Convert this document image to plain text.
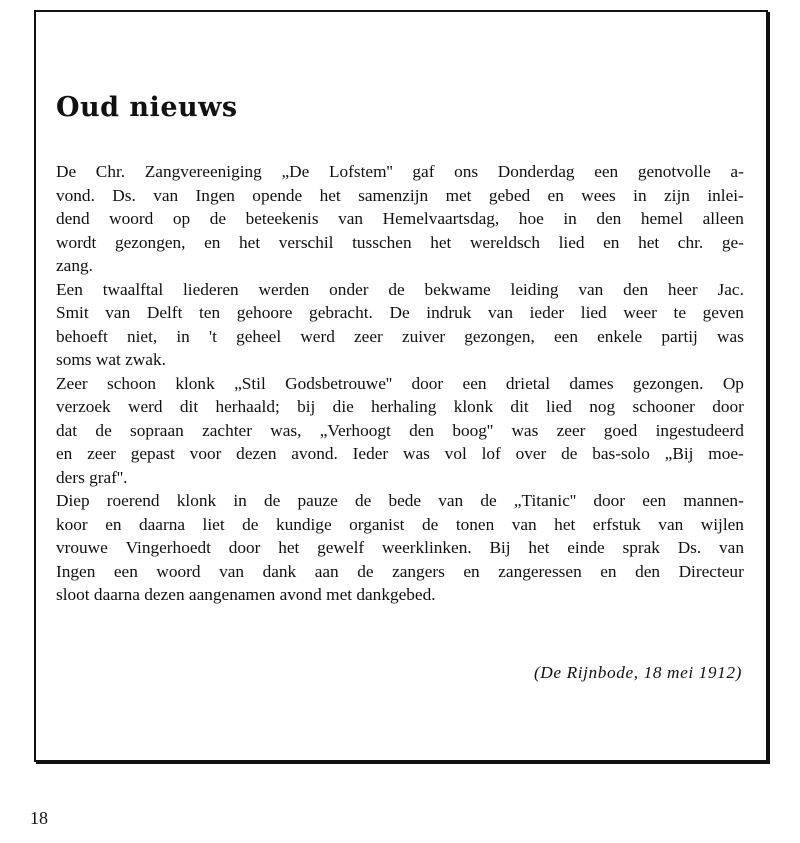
Oud nieuws
De Chr. Zangvereeniging „De Lofstem'' gaf ons Donderdag een genotvolle a-
vond. Ds. van Ingen opende het samenzijn met gebed en wees in zijn inlei-
dend woord op de beteekenis van Hemelvaartsdag, hoe in den hemel alleen
wordt gezongen, en het verschil tusschen het wereldsch lied en het chr. ge-
zang.
Een twaalftal liederen werden onder de bekwame leiding van den heer Jac.
Smit van Delft ten gehoore gebracht. De indruk van ieder lied weer te geven
behoeft niet, in 't geheel werd zeer zuiver gezongen, een enkele partij was
soms wat zwak.
Zeer schoon klonk „Stil Godsbetrouwe'' door een drietal dames gezongen. Op
verzoek werd dit herhaald; bij die herhaling klonk dit lied nog schooner door
dat de sopraan zachter was, „Verhoogt den boog'' was zeer goed ingestudeerd
en zeer gepast voor dezen avond. Ieder was vol lof over de bas-solo „Bij moe-
ders graf''.
Diep roerend klonk in de pauze de bede van de „Titanic'' door een mannen-
koor en daarna liet de kundige organist de tonen van het erfstuk van wijlen
vrouwe Vingerhoedt door het gewelf weerklinken. Bij het einde sprak Ds. van
Ingen een woord van dank aan de zangers en zangeressen en den Directeur
sloot daarna dezen aangenamen avond met dankgebed.
(De Rijnbode, 18 mei 1912)
18
